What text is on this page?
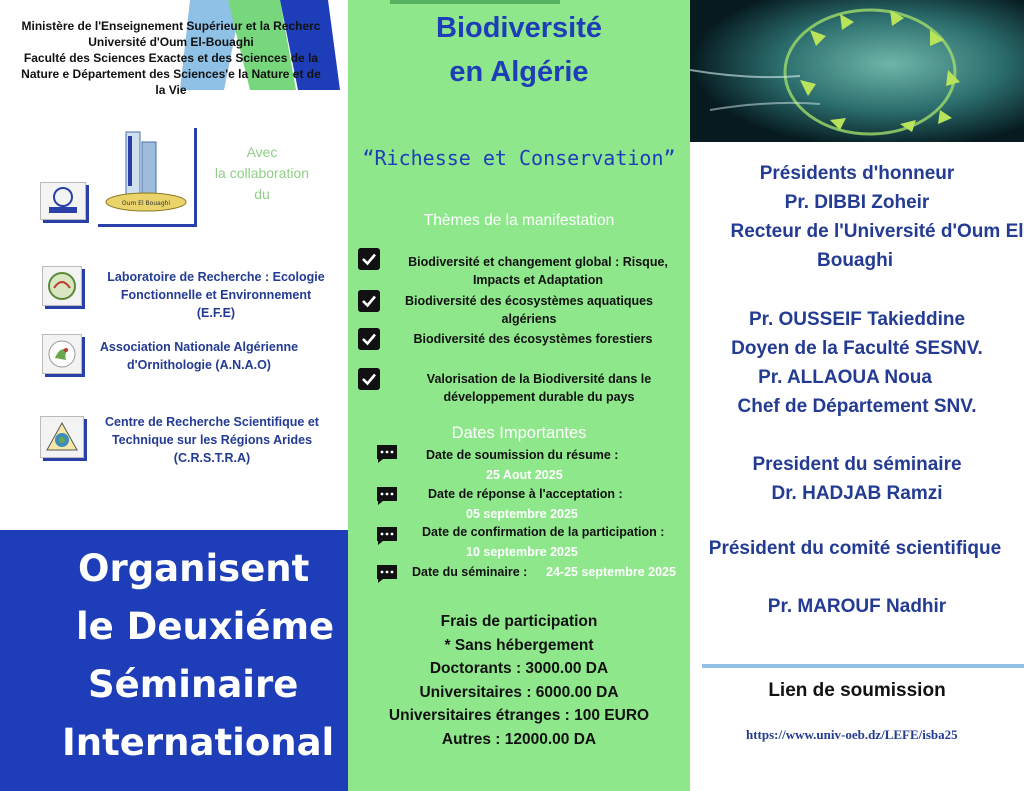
Ministère de l'Enseignement Supérieur et la Recherc
Université d'Oum El-Bouaghi
Faculté des Sciences Exactes et des Sciences de la
Nature e Département des Sciences'e la Nature et de
la Vie
Oum El Bouaghi
Avec
la collaboration
du
Laboratoire de Recherche : Ecologie
Fonctionnelle et Environnement
(E.F.E)
Association Nationale Algérienne
d'Ornithologie (A.N.A.O)
Centre de Recherche Scientifique et
Technique sur les Régions Arides
(C.R.S.T.R.A)
Organisent
le Deuxiéme
Séminaire
International
Biodiversité
en Algérie
“Richesse et Conservation”
Thèmes de la manifestation
Biodiversité et changement global : Risque,
Impacts et Adaptation
Biodiversité des écosystèmes aquatiques
algériens
Biodiversité des écosystèmes forestiers
Valorisation de la Biodiversité dans le
développement durable du pays
Dates Importantes
Date de soumission du résume :
25 Aout 2025
Date de réponse à l'acceptation :
05 septembre 2025
Date de confirmation de la participation :
10 septembre 2025
Date du séminaire : 24-25 septembre 2025
Frais de participation
* Sans hébergement
Doctorants : 3000.00 DA
Universitaires : 6000.00 DA
Universitaires étranges : 100 EURO
Autres : 12000.00 DA
Présidents d'honneur
Pr. DIBBI Zoheir
Recteur de l'Université d'Oum El
Bouaghi
Pr. OUSSEIF Takieddine
Doyen de la Faculté SESNV.
Pr. ALLAOUA Noua
Chef de Département SNV.
President du séminaire
Dr. HADJAB Ramzi
Président du comité scientifique
Pr. MAROUF Nadhir
Lien de soumission
https://www.univ-oeb.dz/LEFE/isba25
